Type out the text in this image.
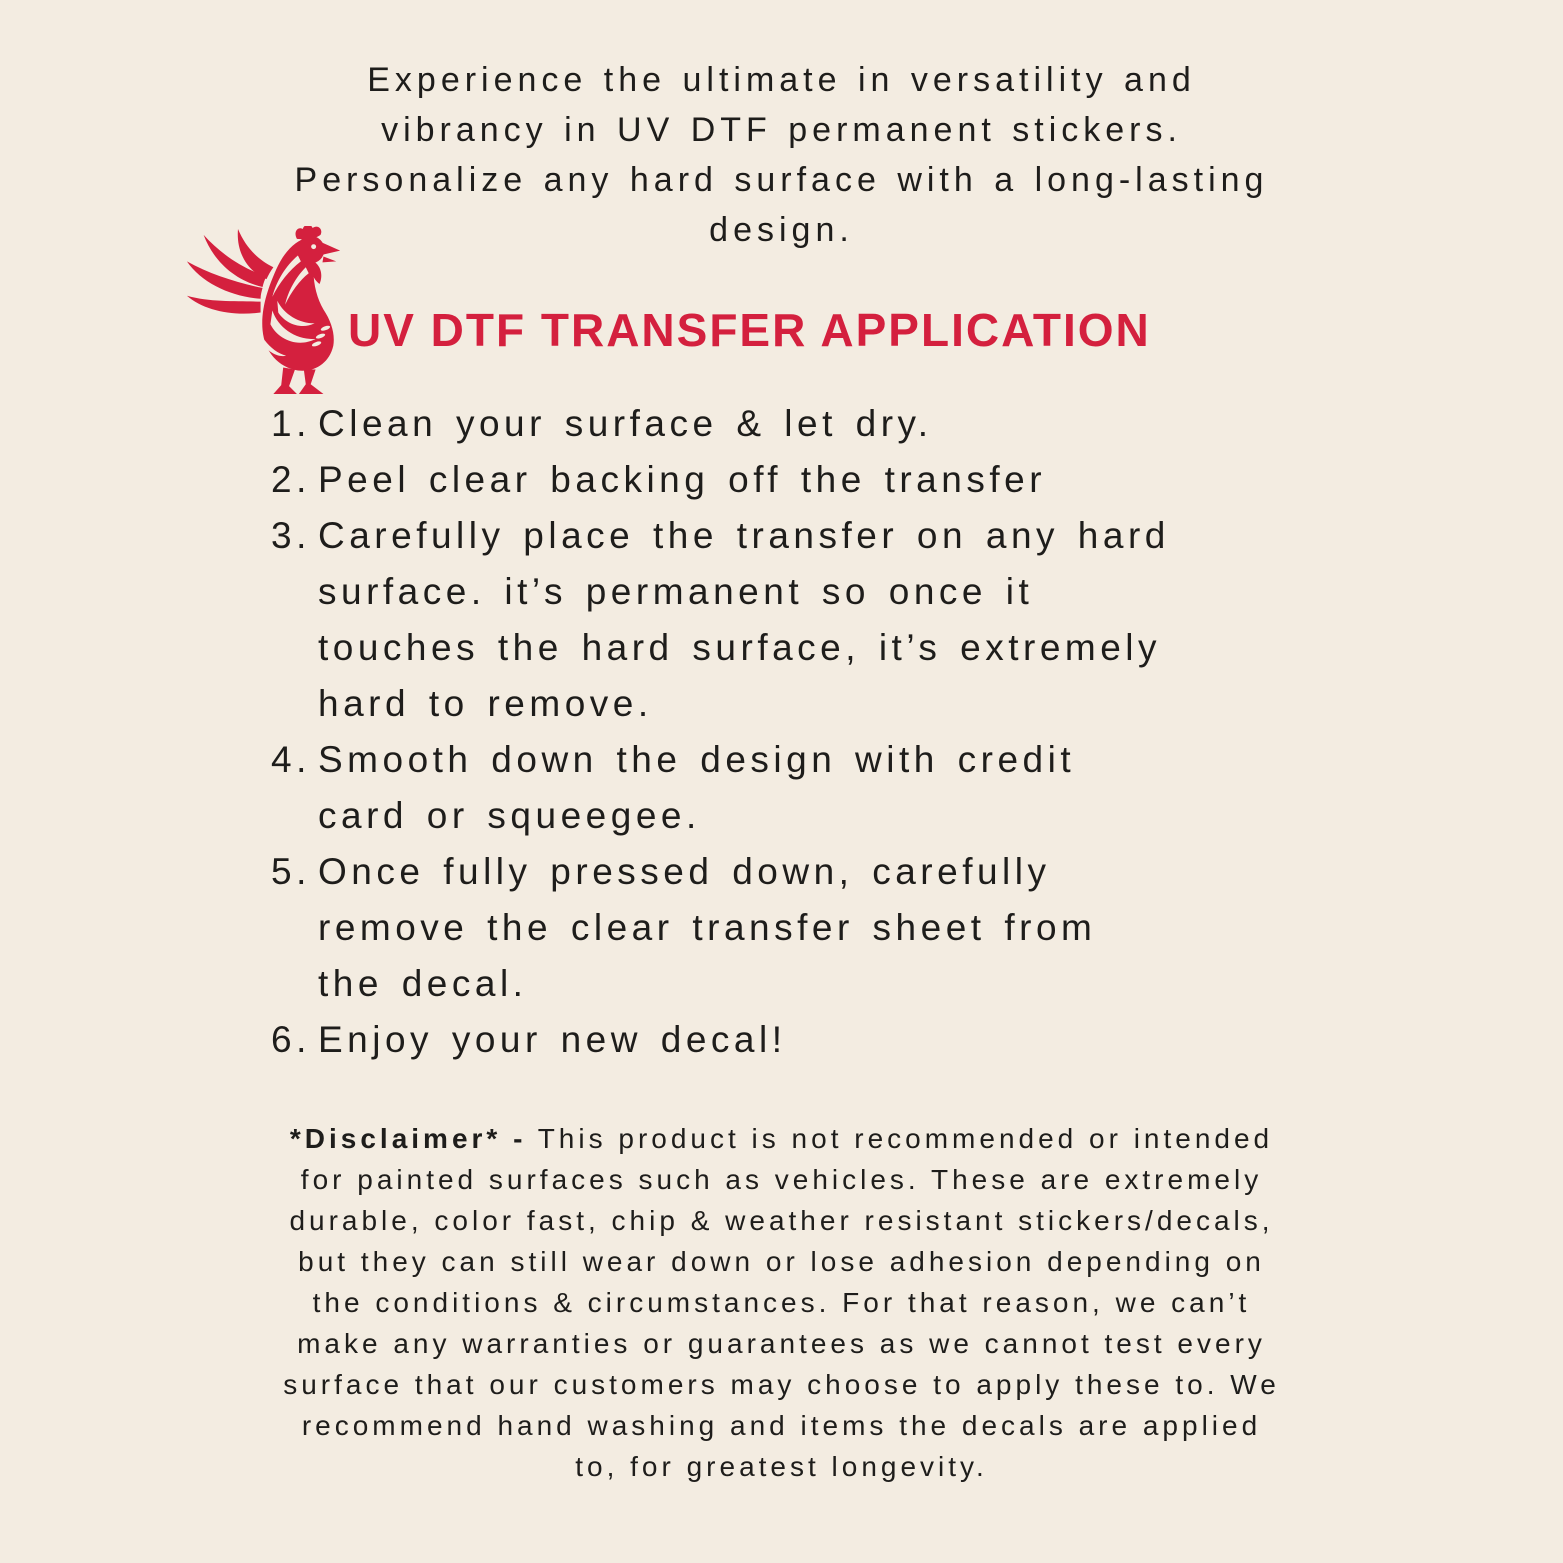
Experience the ultimate in versatility and vibrancy in UV DTF permanent stickers. Personalize any hard surface with a long-lasting design.

UV DTF TRANSFER APPLICATION
1. Clean your surface & let dry.
2. Peel clear backing off the transfer
3. Carefully place the transfer on any hard surface. it’s permanent so once it touches the hard surface, it’s extremely hard to remove.
4. Smooth down the design with credit card or squeegee.
5. Once fully pressed down, carefully remove the clear transfer sheet from the decal.
6. Enjoy your new decal!

*Disclaimer* - This product is not recommended or intended for painted surfaces such as vehicles. These are extremely durable, color fast, chip & weather resistant stickers/decals, but they can still wear down or lose adhesion depending on the conditions & circumstances. For that reason, we can’t make any warranties or guarantees as we cannot test every surface that our customers may choose to apply these to. We recommend hand washing and items the decals are applied to, for greatest longevity.
